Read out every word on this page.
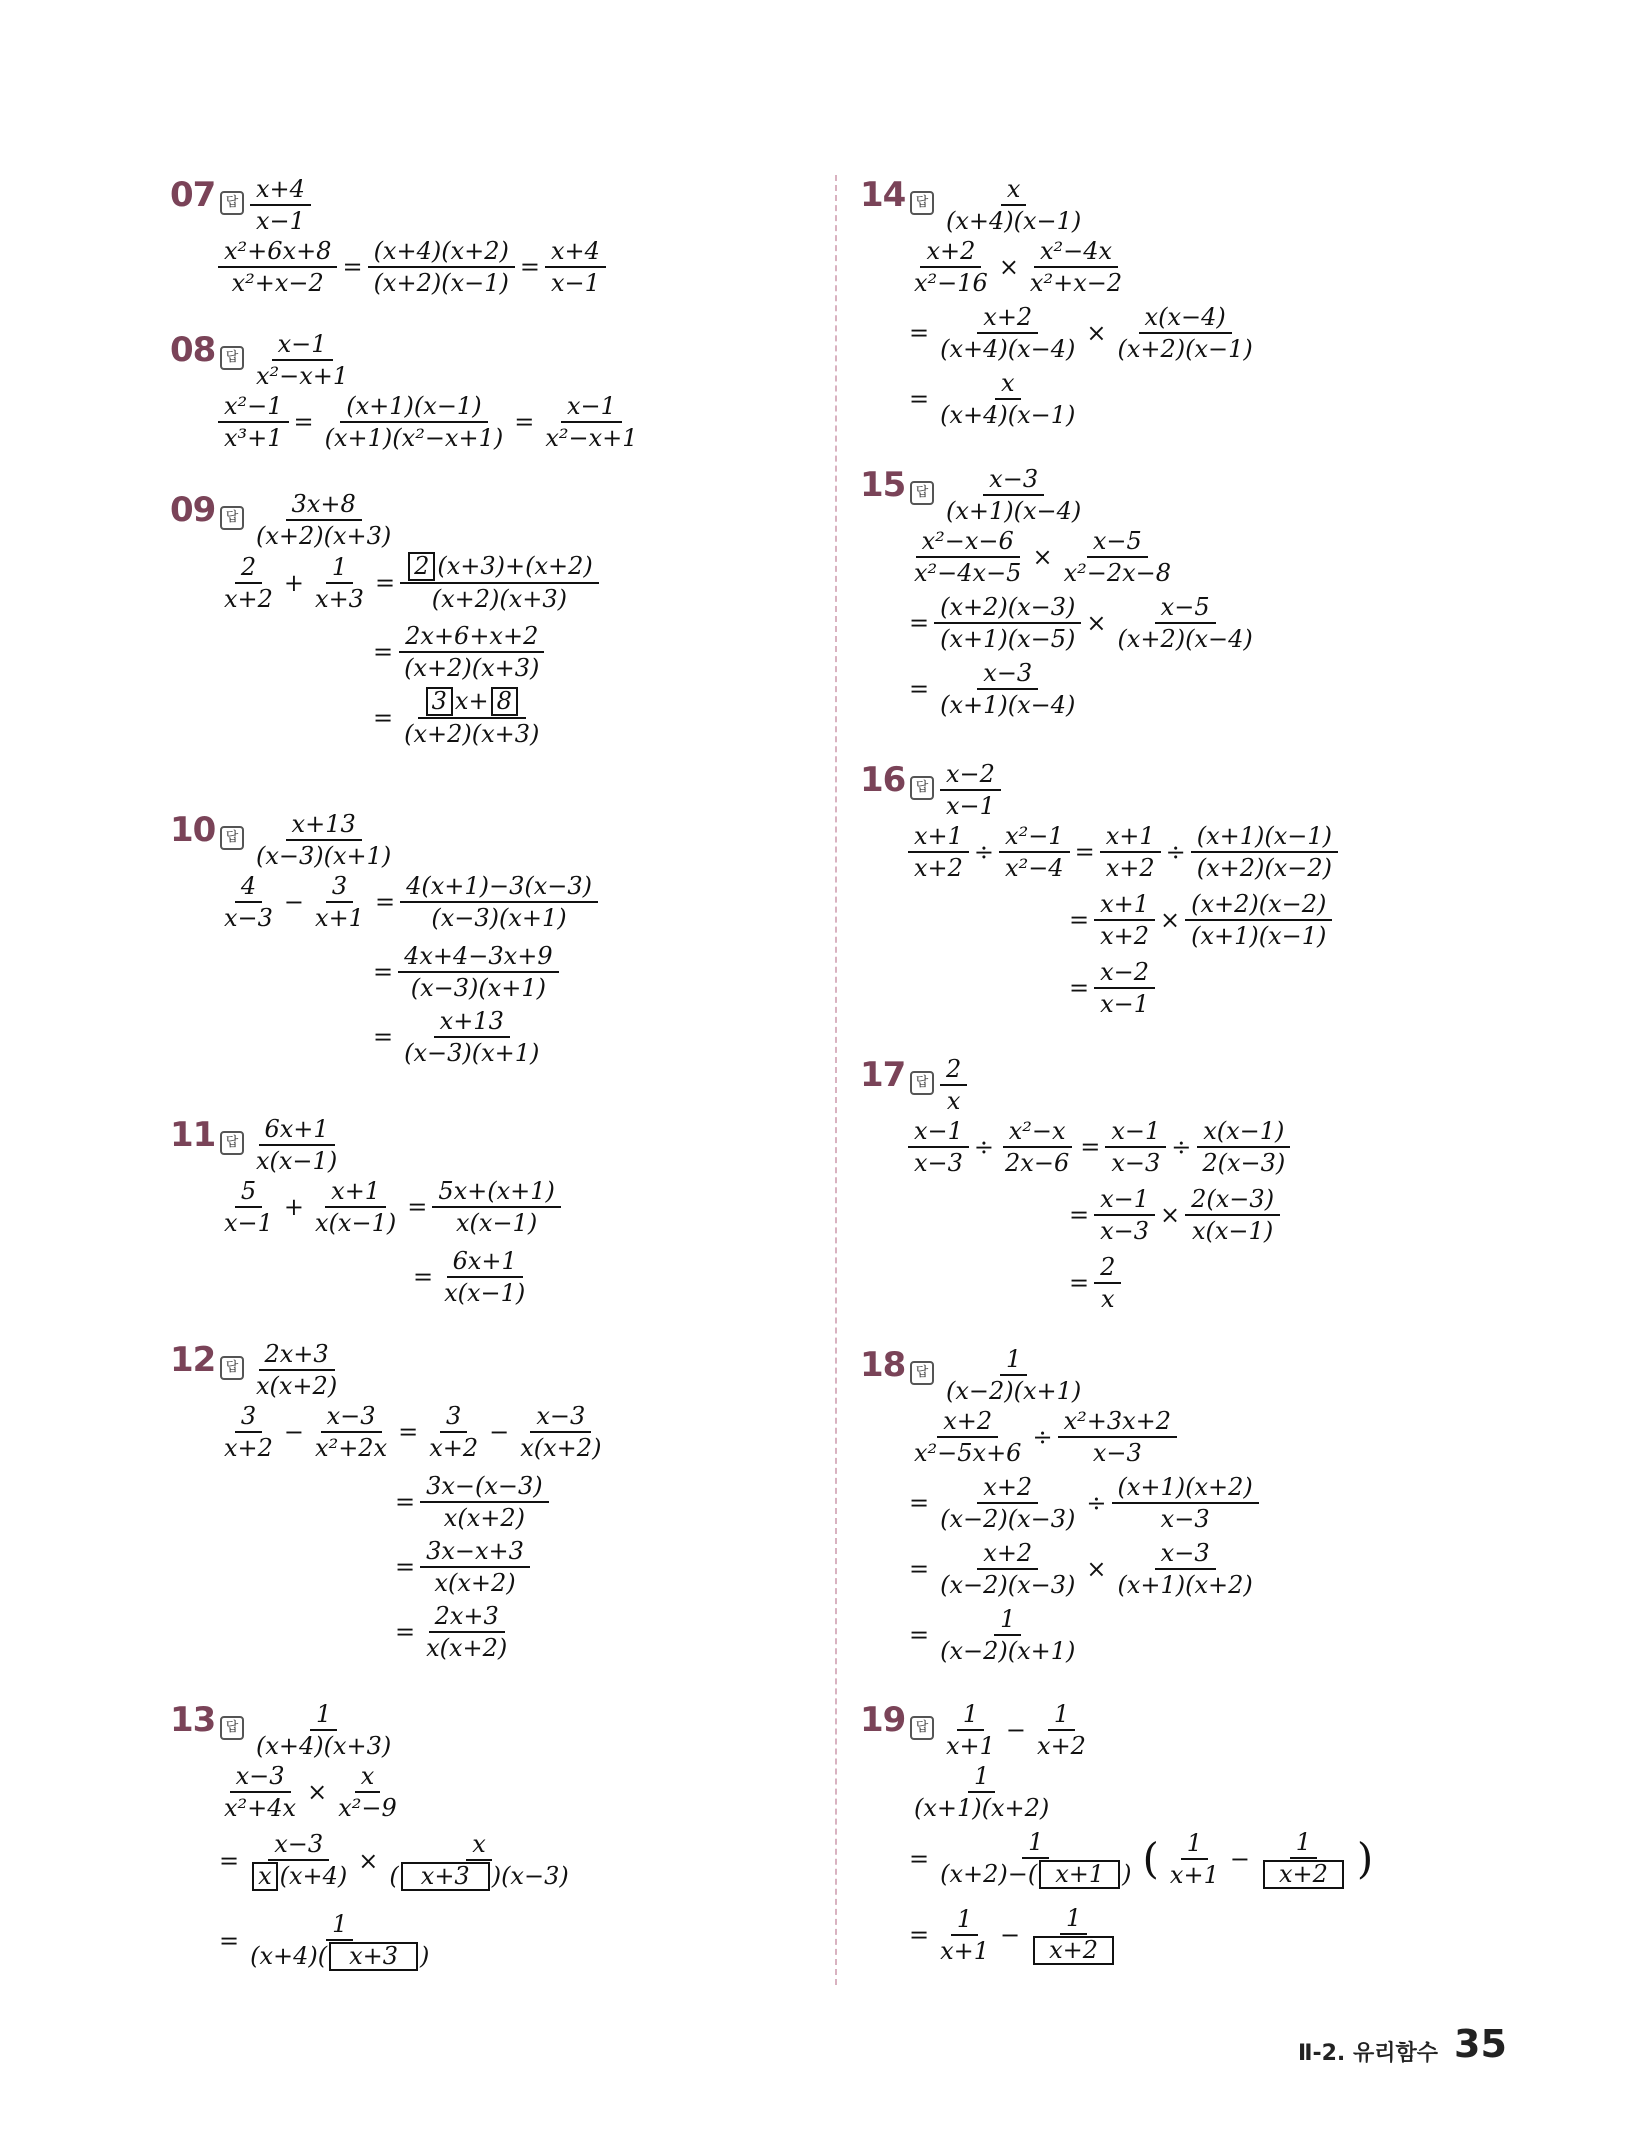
07 답 $\frac{x+4}{x-1}$
$\frac{\text{x²+6x+8}}{\text{x²+x−2}} = \frac{(x+4)(x+2)}{(x+2)(x-1)} = \frac{x+4}{x-1}$
08 답 $\frac{x-1}{\text{x²−x+1}}$
$\frac{\text{x²−1}}{\text{x³+1}} = \frac{(x+1)(x-1)}{\text{(x+1)(x²−x+1)}} = \frac{x-1}{\text{x²−x+1}}$
09 답 $\frac{3x+8}{(x+2)(x+3)}$
$\frac{2}{x+2} + \frac{1}{x+3} = \frac{2 (x+3)+(x+2)}{(x+2)(x+3)}$
= $\frac{2x+6+x+2}{(x+2)(x+3)}$
= $\frac{3 x+ 8}{(x+2)(x+3)}$
10 답 $\frac{x+13}{(x-3)(x+1)}$
$\frac{4}{x-3} - \frac{3}{x+1} = \frac{4(x+1)-3(x-3)}{(x-3)(x+1)}$
= $\frac{4x+4-3x+9}{(x-3)(x+1)}$
= $\frac{x+13}{(x-3)(x+1)}$
11 답 $\frac{6x+1}{x(x-1)}$
$\frac{5}{x-1} + \frac{x+1}{x(x-1)} = \frac{5x+(x+1)}{x(x-1)}$
= $\frac{6x+1}{x(x-1)}$
12 답 $\frac{2x+3}{x(x+2)}$
$\frac{3}{x+2} - \frac{x-3}{\text{x²+2x}} = \frac{3}{x+2} - \frac{x-3}{x(x+2)}$
= $\frac{3x-(x-3)}{x(x+2)}$
= $\frac{3x-x+3}{x(x+2)}$
= $\frac{2x+3}{x(x+2)}$
13 답 $\frac{1}{(x+4)(x+3)}$
$\frac{x-3}{\text{x²+4x}} \times \frac{x}{\text{x²−9}}$
= $\frac{x-3}{x (x+4)} \times \frac{x}{( x+3 )(x-3)}$
= $\frac{1}{(x+4)( x+3 )}$
14 답 $\frac{x}{(x+4)(x-1)}$
$\frac{x+2}{\text{x²−16}} \times \frac{\text{x²−4x}}{\text{x²+x−2}}$
= $\frac{x+2}{(x+4)(x-4)} \times \frac{x(x-4)}{(x+2)(x-1)}$
= $\frac{x}{(x+4)(x-1)}$
15 답 $\frac{x-3}{(x+1)(x-4)}$
$\frac{\text{x²−x−6}}{\text{x²−4x−5}} \times \frac{x-5}{\text{x²−2x−8}}$
= $\frac{(x+2)(x-3)}{(x+1)(x-5)} \times \frac{x-5}{(x+2)(x-4)}$
= $\frac{x-3}{(x+1)(x-4)}$
16 답 $\frac{x-2}{x-1}$
$\frac{x+1}{x+2} \div \frac{\text{x²−1}}{\text{x²−4}} = \frac{x+1}{x+2} \div \frac{(x+1)(x-1)}{(x+2)(x-2)}$
= $\frac{x+1}{x+2} \times \frac{(x+2)(x-2)}{(x+1)(x-1)}$
= $\frac{x-2}{x-1}$
17 답 $\frac{2}{x}$
$\frac{x-1}{x-3} \div \frac{\text{x²−x}}{2x-6} = \frac{x-1}{x-3} \div \frac{x(x-1)}{2(x-3)}$
= $\frac{x-1}{x-3} \times \frac{2(x-3)}{x(x-1)}$
= $\frac{2}{x}$
18 답 $\frac{1}{(x-2)(x+1)}$
$\frac{x+2}{\text{x²−5x+6}} \div \frac{\text{x²+3x+2}}{x-3}$
= $\frac{x+2}{(x-2)(x-3)} \div \frac{(x+1)(x+2)}{x-3}$
= $\frac{x+2}{(x-2)(x-3)} \times \frac{x-3}{(x+1)(x+2)}$
= $\frac{1}{(x-2)(x+1)}$
19 답 $\frac{1}{x+1} - \frac{1}{x+2}$
$\frac{1}{(x+1)(x+2)}$
= $\frac{1}{(x+2)-( x+1 )}$ ( $\frac{1}{x+1} - \frac{1}{x+2}$ )
= $\frac{1}{x+1} - \frac{1}{x+2}$
Ⅱ-2. 유리함수 35
